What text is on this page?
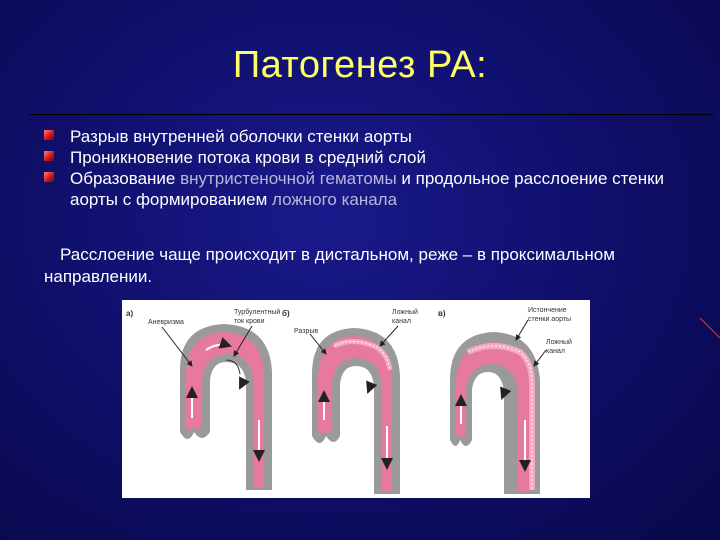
Патогенез РА:
Разрыв внутренней оболочки стенки аорты
Проникновение потока крови в средний слой
Образование внутристеночной гематомы и продольное расслоение стенки аорты с формированием ложного канала
Расслоение чаще происходит в дистальном, реже – в проксимальном направлении.
а)
Аневризма
Турбулентный
ток крови
б)
Разрыв
Ложный
канал
в)	Истончение
стенки аорты
Ложный
канал
